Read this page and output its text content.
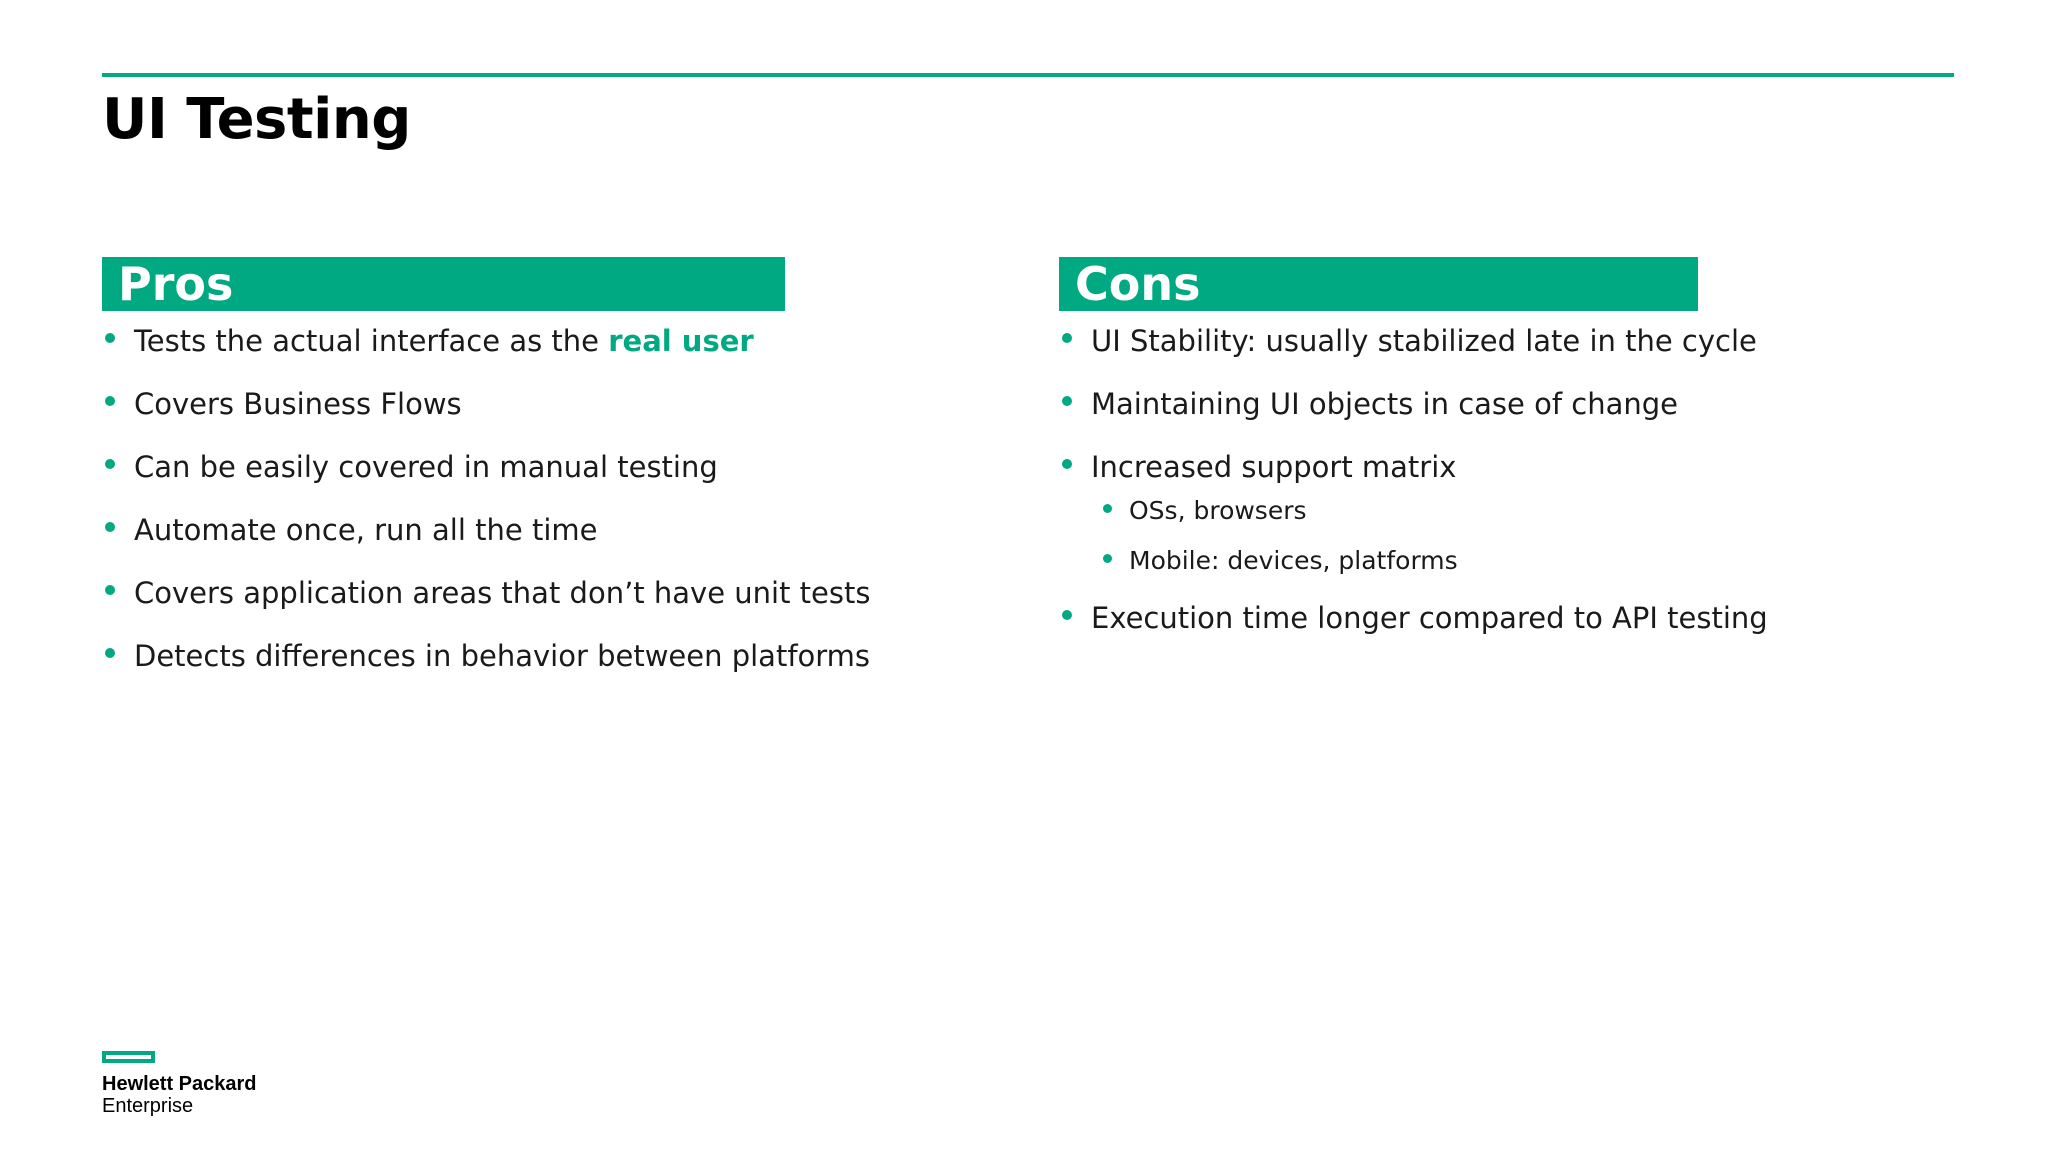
UI Testing
Pros
Tests the actual interface as the real user
Covers Business Flows
Can be easily covered in manual testing
Automate once, run all the time
Covers application areas that don’t have unit tests
Detects differences in behavior between platforms
Cons
UI Stability: usually stabilized late in the cycle
Maintaining UI objects in case of change
Increased support matrix
OSs, browsers
Mobile: devices, platforms
Execution time longer compared to API testing
Hewlett Packard
Enterprise
